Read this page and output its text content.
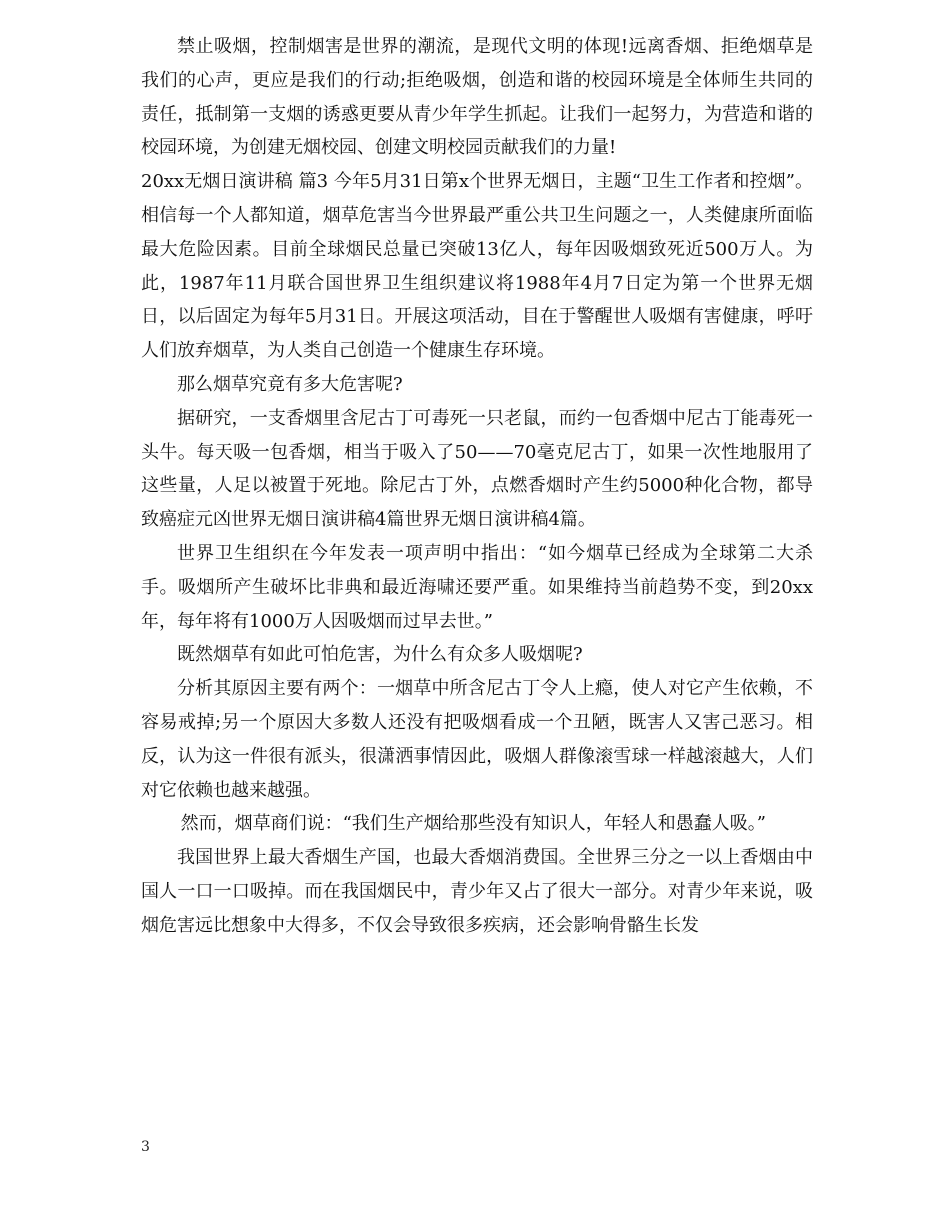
禁止吸烟，控制烟害是世界的潮流，是现代文明的体现!远离香烟、拒绝烟草是我们的心声，更应是我们的行动;拒绝吸烟，创造和谐的校园环境是全体师生共同的责任，抵制第一支烟的诱惑更要从青少年学生抓起。让我们一起努力，为营造和谐的校园环境，为创建无烟校园、创建文明校园贡献我们的力量!

20xx无烟日演讲稿 篇3 今年5月31日第x个世界无烟日，主题“卫生工作者和控烟”。相信每一个人都知道，烟草危害当今世界最严重公共卫生问题之一，人类健康所面临最大危险因素。目前全球烟民总量已突破13亿人，每年因吸烟致死近500万人。为此，1987年11月联合国世界卫生组织建议将1988年4月7日定为第一个世界无烟日，以后固定为每年5月31日。开展这项活动，目在于警醒世人吸烟有害健康，呼吁人们放弃烟草，为人类自己创造一个健康生存环境。

那么烟草究竟有多大危害呢?

据研究，一支香烟里含尼古丁可毒死一只老鼠，而约一包香烟中尼古丁能毒死一头牛。每天吸一包香烟，相当于吸入了50——70毫克尼古丁，如果一次性地服用了这些量，人足以被置于死地。除尼古丁外，点燃香烟时产生约5000种化合物，都导致癌症元凶世界无烟日演讲稿4篇世界无烟日演讲稿4篇。

世界卫生组织在今年发表一项声明中指出：“如今烟草已经成为全球第二大杀手。吸烟所产生破坏比非典和最近海啸还要严重。如果维持当前趋势不变，到20xx年，每年将有1000万人因吸烟而过早去世。”

既然烟草有如此可怕危害，为什么有众多人吸烟呢?

分析其原因主要有两个：一烟草中所含尼古丁令人上瘾，使人对它产生依赖，不容易戒掉;另一个原因大多数人还没有把吸烟看成一个丑陋，既害人又害己恶习。相反，认为这一件很有派头，很潇洒事情因此，吸烟人群像滚雪球一样越滚越大，人们对它依赖也越来越强。

然而，烟草商们说：“我们生产烟给那些没有知识人，年轻人和愚蠢人吸。”

我国世界上最大香烟生产国，也最大香烟消费国。全世界三分之一以上香烟由中国人一口一口吸掉。而在我国烟民中，青少年又占了很大一部分。对青少年来说，吸烟危害远比想象中大得多，不仅会导致很多疾病，还会影响骨骼生长发

3
